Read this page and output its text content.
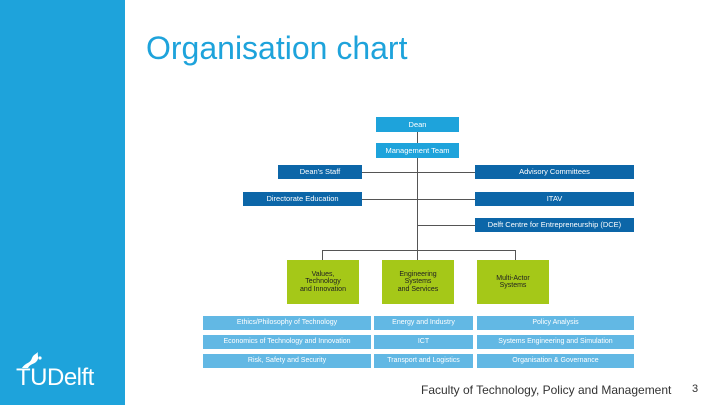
TUDelft
Organisation chart
Dean
Management Team
Dean's Staff	Advisory Committees
Directorate Education	ITAV
Delft Centre for Entrepreneurship (DCE)
Values,
Technology
and Innovation
Engineering
Systems
and Services
Multi-Actor
Systems
Ethics/Philosophy of Technology
Economics of Technology and Innovation
Risk, Safety and Security
Energy and Industry
ICT
Transport and Logistics
Policy Analysis
Systems Engineering and Simulation
Organisation & Governance
Faculty of Technology, Policy and Management 3
